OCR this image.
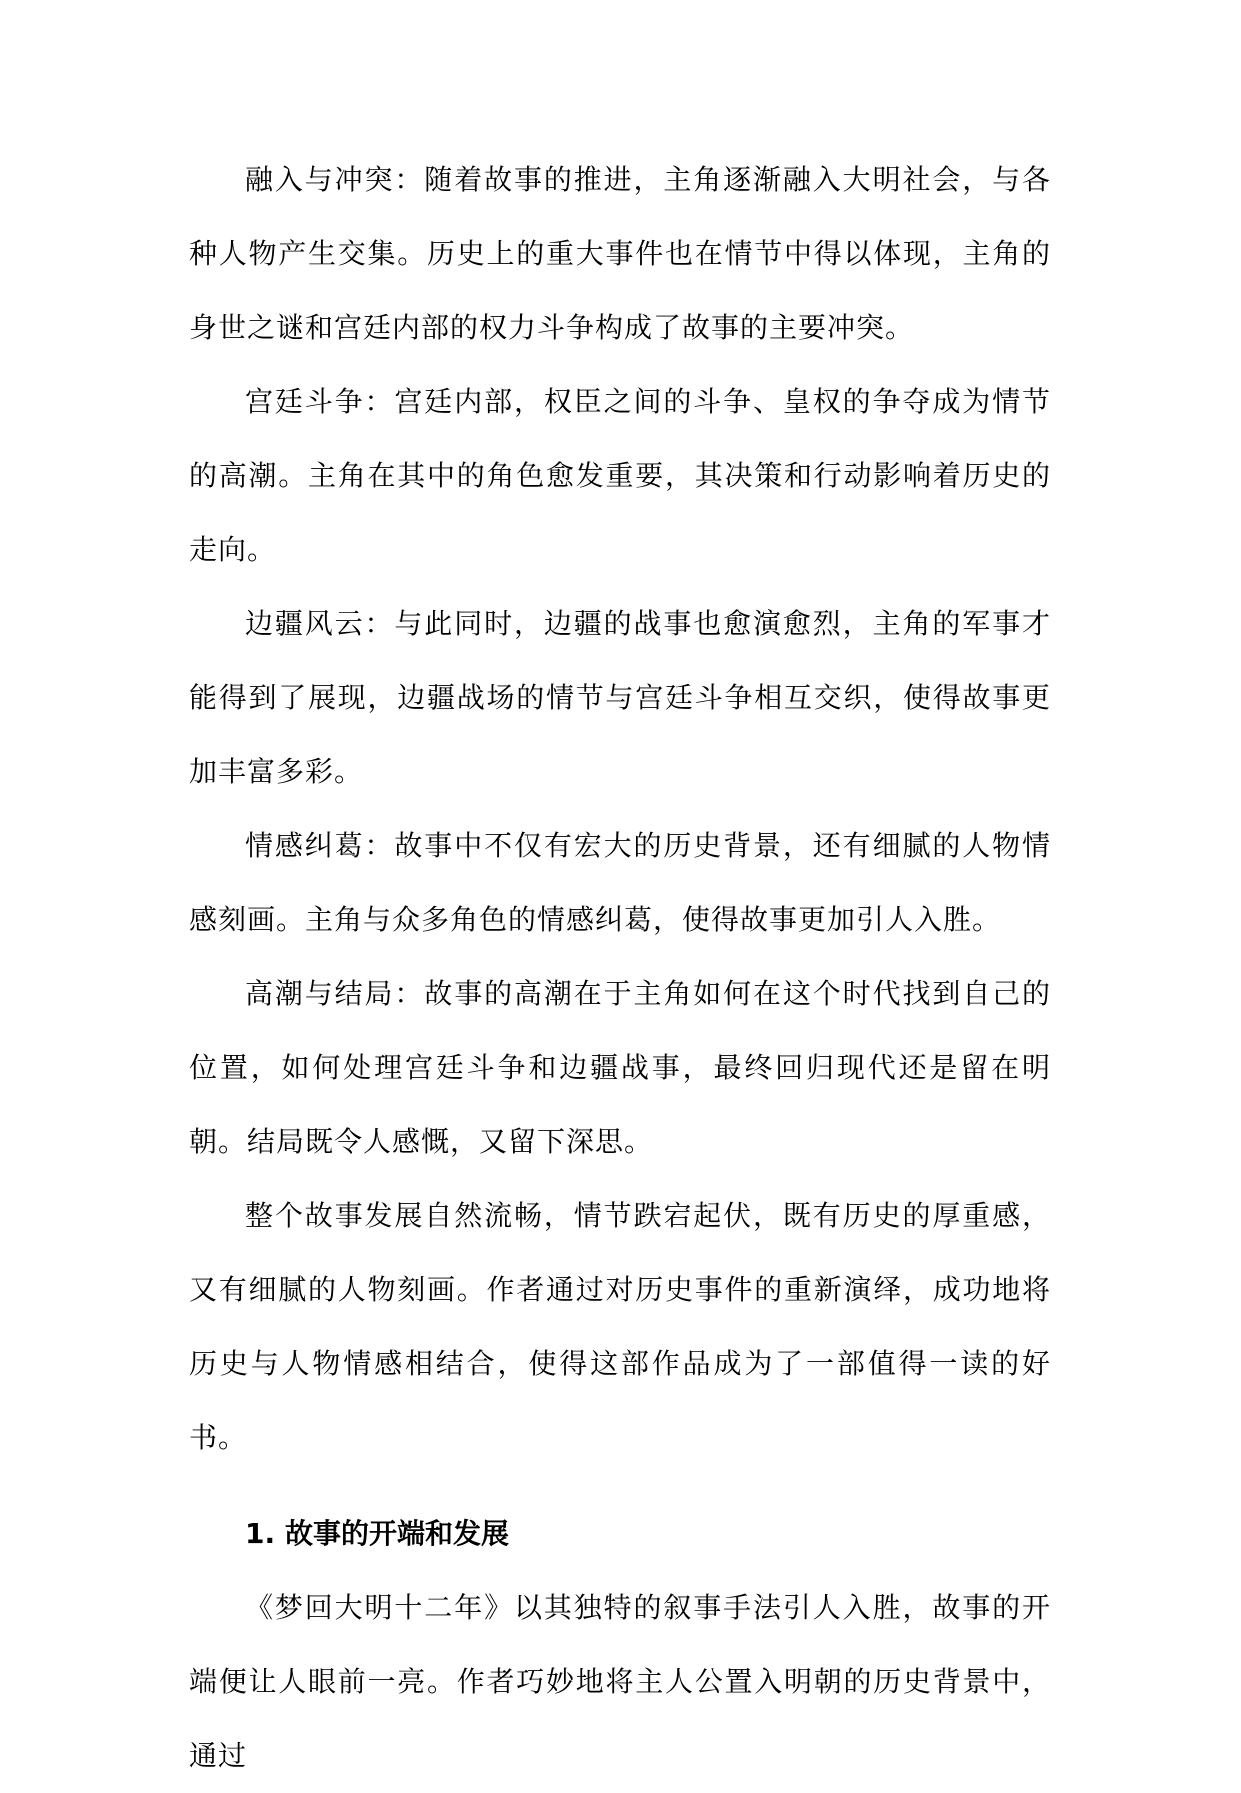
融入与冲突：随着故事的推进，主角逐渐融入大明社会，与各种人物产生交集。历史上的重大事件也在情节中得以体现，主角的身世之谜和宫廷内部的权力斗争构成了故事的主要冲突。

宫廷斗争：宫廷内部，权臣之间的斗争、皇权的争夺成为情节的高潮。主角在其中的角色愈发重要，其决策和行动影响着历史的走向。

边疆风云：与此同时，边疆的战事也愈演愈烈，主角的军事才能得到了展现，边疆战场的情节与宫廷斗争相互交织，使得故事更加丰富多彩。

情感纠葛：故事中不仅有宏大的历史背景，还有细腻的人物情感刻画。主角与众多角色的情感纠葛，使得故事更加引人入胜。

高潮与结局：故事的高潮在于主角如何在这个时代找到自己的位置，如何处理宫廷斗争和边疆战事，最终回归现代还是留在明朝。结局既令人感慨，又留下深思。

整个故事发展自然流畅，情节跌宕起伏，既有历史的厚重感，又有细腻的人物刻画。作者通过对历史事件的重新演绎，成功地将历史与人物情感相结合，使得这部作品成为了一部值得一读的好书。

1. 故事的开端和发展

《梦回大明十二年》以其独特的叙事手法引人入胜，故事的开端便让人眼前一亮。作者巧妙地将主人公置入明朝的历史背景中，通过
